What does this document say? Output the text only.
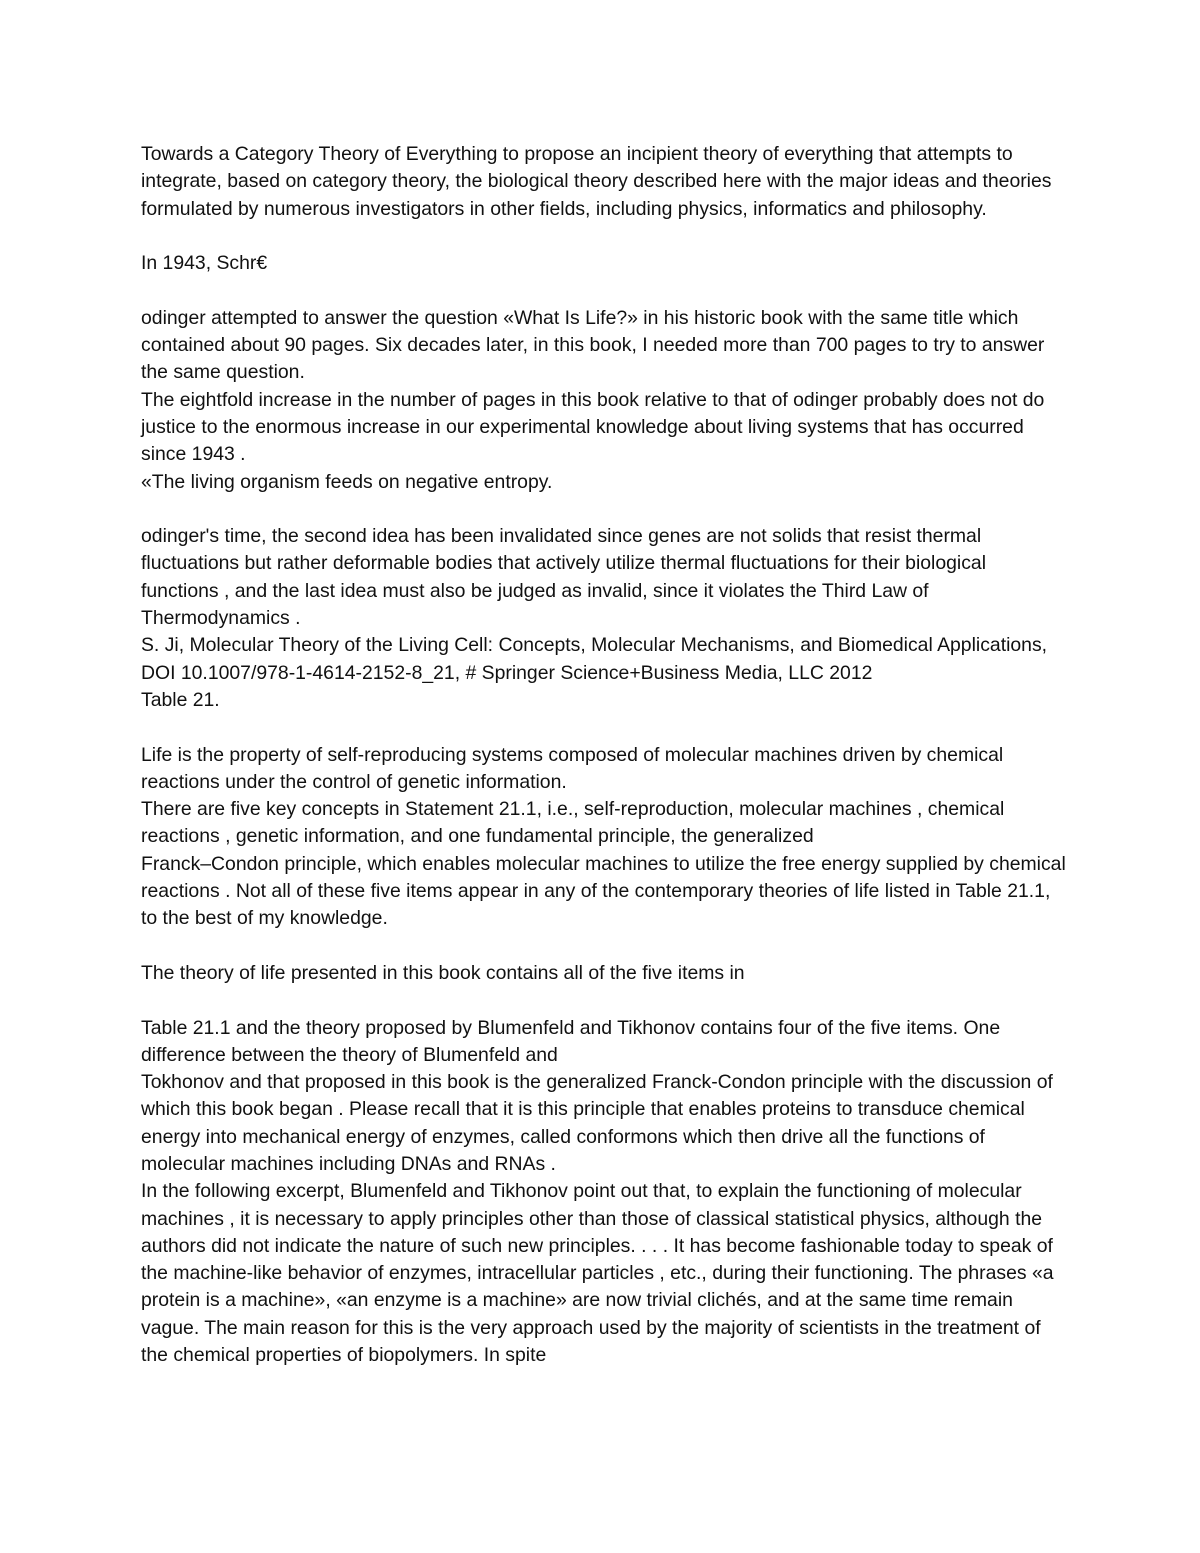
Towards a Category Theory of Everything to propose an incipient theory of everything that attempts to integrate, based on category theory, the biological theory described here with the major ideas and theories formulated by numerous investigators in other fields, including physics, informatics and philosophy.

In 1943, Schr€

odinger attempted to answer the question «What Is Life?» in his historic book with the same title which contained about 90 pages. Six decades later, in this book, I needed more than 700 pages to try to answer the same question.

The eightfold increase in the number of pages in this book relative to that of odinger probably does not do justice to the enormous increase in our experimental knowledge about living systems that has occurred since 1943 .

«The living organism feeds on negative entropy.

odinger's time, the second idea has been invalidated since genes are not solids that resist thermal fluctuations but rather deformable bodies that actively utilize thermal fluctuations for their biological functions , and the last idea must also be judged as invalid, since it violates the Third Law of Thermodynamics .

S. Ji, Molecular Theory of the Living Cell: Concepts, Molecular Mechanisms, and Biomedical Applications, DOI 10.1007/978-1-4614-2152-8_21, # Springer Science+Business Media, LLC 2012

Table 21.

Life is the property of self-reproducing systems composed of molecular machines driven by chemical reactions under the control of genetic information.

There are five key concepts in Statement 21.1, i.e., self-reproduction, molecular machines , chemical reactions , genetic information, and one fundamental principle, the generalized

Franck–Condon principle, which enables molecular machines to utilize the free energy supplied by chemical reactions . Not all of these five items appear in any of the contemporary theories of life listed in Table 21.1, to the best of my knowledge.

The theory of life presented in this book contains all of the five items in

Table 21.1 and the theory proposed by Blumenfeld and Tikhonov contains four of the five items. One difference between the theory of Blumenfeld and

Tokhonov and that proposed in this book is the generalized Franck-Condon principle with the discussion of which this book began . Please recall that it is this principle that enables proteins to transduce chemical energy into mechanical energy of enzymes, called conformons which then drive all the functions of molecular machines including DNAs and RNAs .

In the following excerpt, Blumenfeld and Tikhonov point out that, to explain the functioning of molecular machines , it is necessary to apply principles other than those of classical statistical physics, although the authors did not indicate the nature of such new principles. . . . It has become fashionable today to speak of the machine-like behavior of enzymes, intracellular particles , etc., during their functioning. The phrases «a protein is a machine», «an enzyme is a machine» are now trivial clichés, and at the same time remain vague. The main reason for this is the very approach used by the majority of scientists in the treatment of the chemical properties of biopolymers. In spite
